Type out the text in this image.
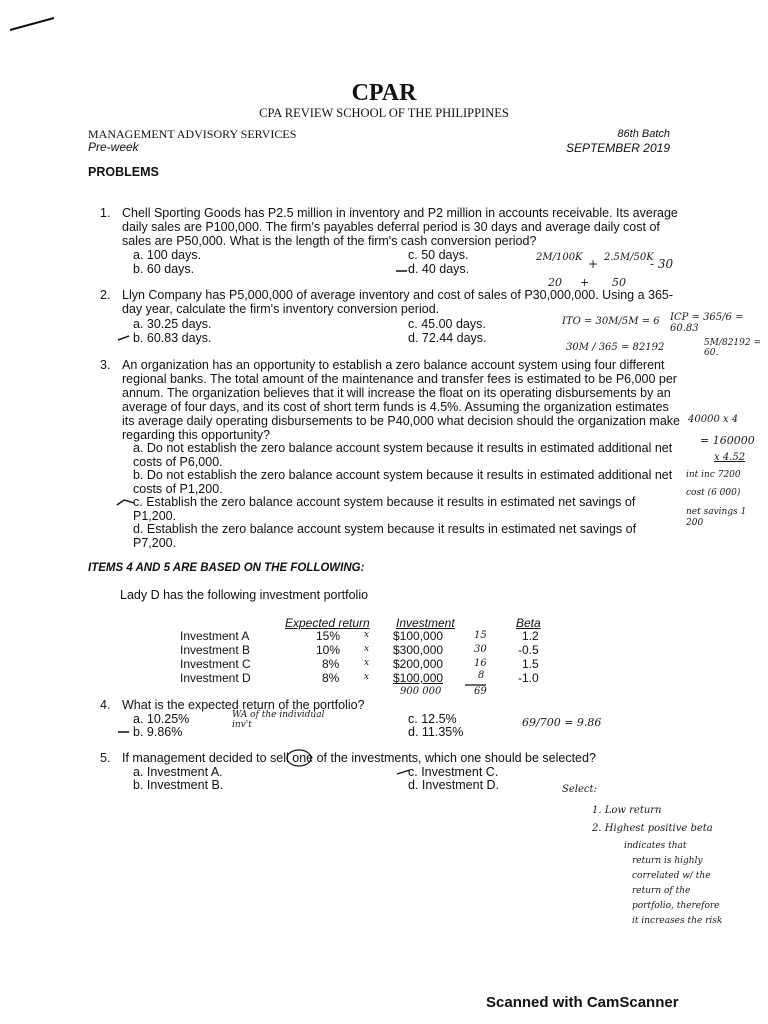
CPAR
CPA REVIEW SCHOOL OF THE PHILIPPINES
MANAGEMENT ADVISORY SERVICES
Pre-week
86th Batch
SEPTEMBER 2019
PROBLEMS
1. Chell Sporting Goods has P2.5 million in inventory and P2 million in accounts receivable. Its average daily sales are P100,000. The firm's payables deferral period is 30 days and average daily cost of sales are P50,000. What is the length of the firm's cash conversion period?
a. 100 days.
b. 60 days.
c. 50 days.
d. 40 days.
2M/100K + 2.5M/50K
- 30
20 + 50
2. Llyn Company has P5,000,000 of average inventory and cost of sales of P30,000,000. Using a 365-day year, calculate the firm's inventory conversion period.
a. 30.25 days.
b. 60.83 days.
c. 45.00 days.
d. 72.44 days.
ITO = 30M/5M = 6 ICP = 365/6 = 60.83
30M / 365 = 82192	5M/82192 = 60.
3. An organization has an opportunity to establish a zero balance account system using four different regional banks. The total amount of the maintenance and transfer fees is estimated to be P6,000 per annum. The organization believes that it will increase the float on its operating disbursements by an average of four days, and its cost of short term funds is 4.5%. Assuming the organization estimates its average daily operating disbursements to be P40,000 what decision should the organization make regarding this opportunity?
a. Do not establish the zero balance account system because it results in estimated additional net costs of P6,000.
b. Do not establish the zero balance account system because it results in estimated additional net costs of P1,200.
c. Establish the zero balance account system because it results in estimated net savings of P1,200.
d. Establish the zero balance account system because it results in estimated net savings of P7,200.
40000 x 4
= 160000
x 4.52
int inc 7200
cost (6 000)
net savings 1 200
ITEMS 4 AND 5 ARE BASED ON THE FOLLOWING:
Lady D has the following investment portfolio
Expected return Investment	Beta
Investment A	15%	$100,000	1.2
Investment B	10%	$300,000	-0.5
Investment C	8%	$200,000	1.5
Investment D	8%	$100,000	-1.0
x
x
x
x
15
30
16
8
69
900 000
4. What is the expected return of the portfolio?
a. 10.25%
b. 9.86%
c. 12.5%
d. 11.35%
WA of the individual inv't	69/700 = 9.86
5. If management decided to sell one of the investments, which one should be selected?
a. Investment A.
b. Investment B.
c. Investment C.
d. Investment D.	Select:
1. Low return
2. Highest positive beta
indicates that
return is highly
correlated w/ the
return of the
portfolio, therefore
it increases the risk
Scanned with CamScanner
